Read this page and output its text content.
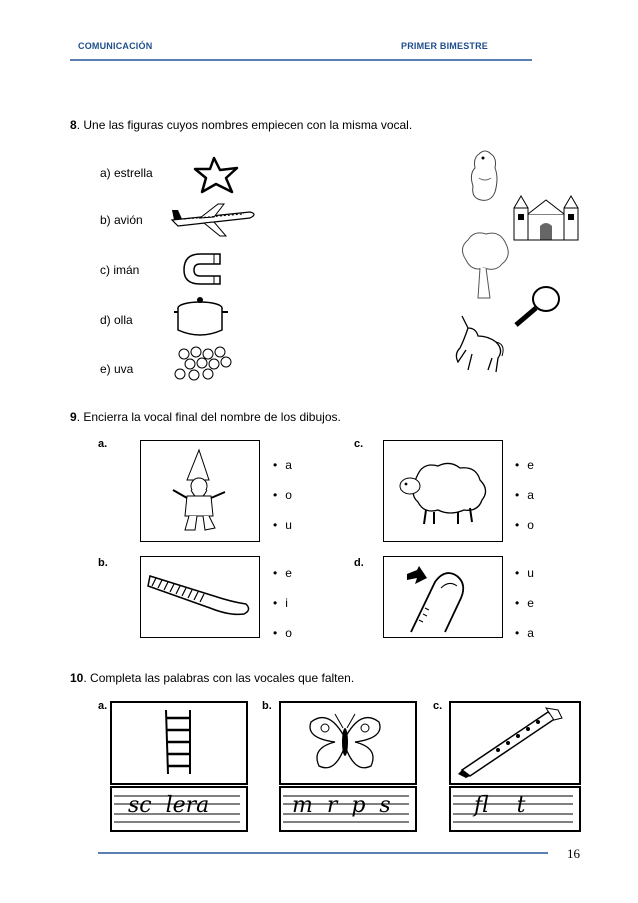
COMUNICACIÓN	PRIMER BIMESTRE
8. Une las figuras cuyos nombres empiecen con la misma vocal.
a) estrella
b) avión
c) imán
d) olla
e) uva
9. Encierra la vocal final del nombre de los dibujos.
a.
• a
• o
• u
c.
• e
• a
• o
b.
• e
• i
• o
d.
• u
• e
• a
10. Completa las palabras con las vocales que falten.
a.	b.	c.
sc  lera	m  r  p  s	fl    t
16
